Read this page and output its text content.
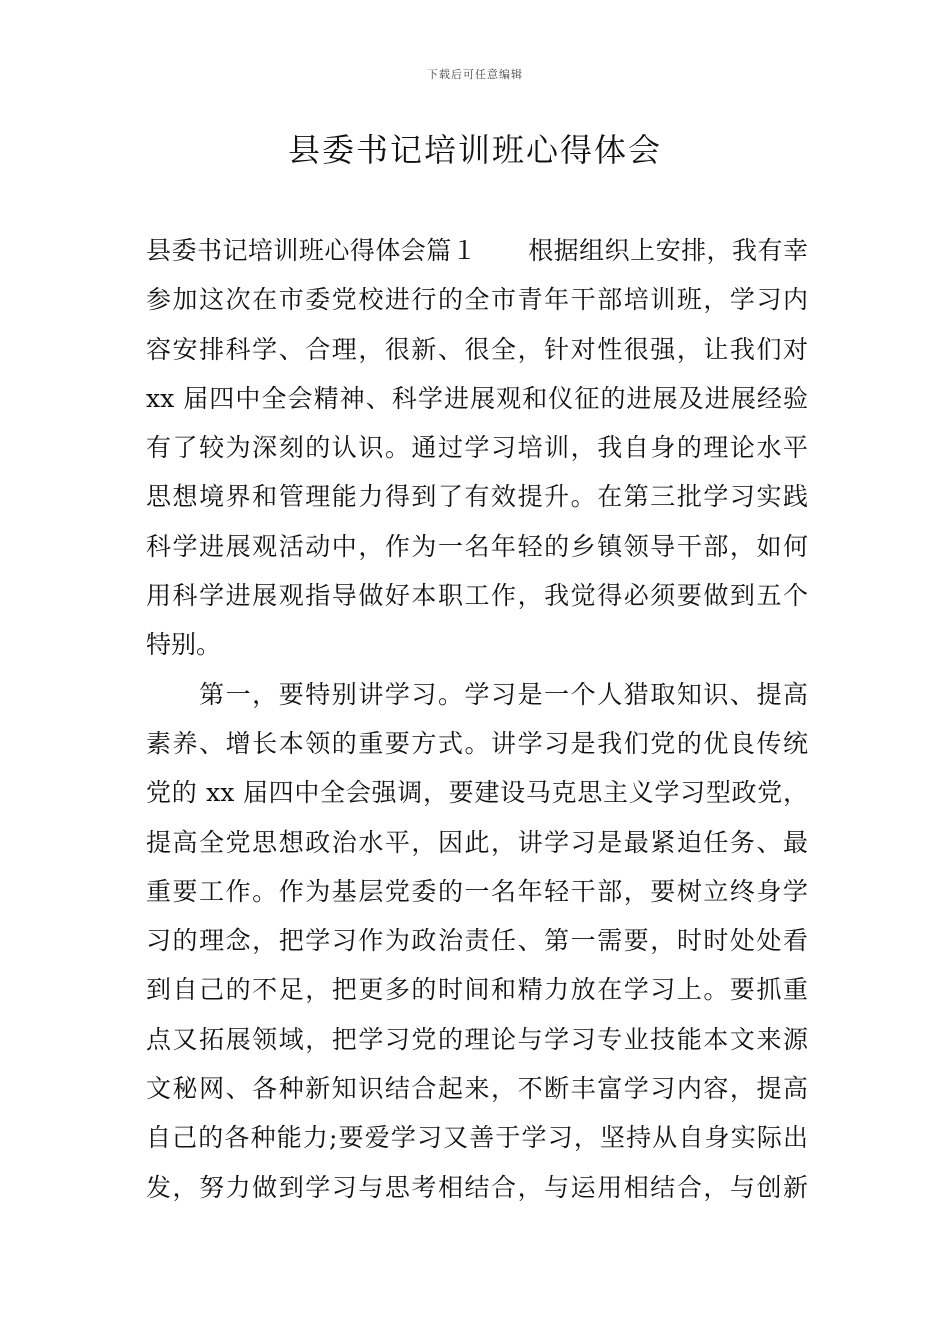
下载后可任意编辑
县委书记培训班心得体会
县委书记培训班心得体会篇１　　根据组织上安排，我有幸
参加这次在市委党校进行的全市青年干部培训班，学习内
容安排科学、合理，很新、很全，针对性很强，让我们对
xx 届四中全会精神、科学进展观和仪征的进展及进展经验
有了较为深刻的认识。通过学习培训，我自身的理论水平
思想境界和管理能力得到了有效提升。在第三批学习实践
科学进展观活动中，作为一名年轻的乡镇领导干部，如何
用科学进展观指导做好本职工作，我觉得必须要做到五个
特别。
　　第一，要特别讲学习。学习是一个人猎取知识、提高
素养、增长本领的重要方式。讲学习是我们党的优良传统
党的 xx 届四中全会强调，要建设马克思主义学习型政党，
提高全党思想政治水平，因此，讲学习是最紧迫任务、最
重要工作。作为基层党委的一名年轻干部，要树立终身学
习的理念，把学习作为政治责任、第一需要，时时处处看
到自己的不足，把更多的时间和精力放在学习上。要抓重
点又拓展领域，把学习党的理论与学习专业技能本文来源
文秘网、各种新知识结合起来，不断丰富学习内容，提高
自己的各种能力;要爱学习又善于学习，坚持从自身实际出
发，努力做到学习与思考相结合，与运用相结合，与创新
